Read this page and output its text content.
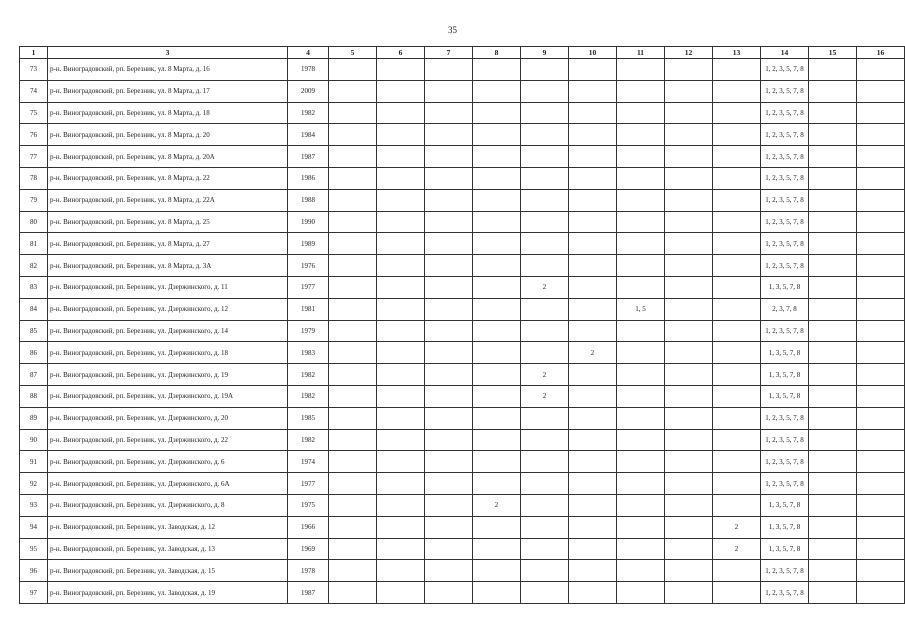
35
1	3	4	5	6	7	8	9	10	11	12	13	14	15	16
73	р-н. Виноградовский, рп. Березник, ул. 8 Марта, д. 16	1978										1, 2, 3, 5, 7, 8		
74	р-н. Виноградовский, рп. Березник, ул. 8 Марта, д. 17	2009										1, 2, 3, 5, 7, 8		
75	р-н. Виноградовский, рп. Березник, ул. 8 Марта, д. 18	1982										1, 2, 3, 5, 7, 8		
76	р-н. Виноградовский, рп. Березник, ул. 8 Марта, д. 20	1984										1, 2, 3, 5, 7, 8		
77	р-н. Виноградовский, рп. Березник, ул. 8 Марта, д. 20А	1987										1, 2, 3, 5, 7, 8		
78	р-н. Виноградовский, рп. Березник, ул. 8 Марта, д. 22	1986										1, 2, 3, 5, 7, 8		
79	р-н. Виноградовский, рп. Березник, ул. 8 Марта, д. 22А	1988										1, 2, 3, 5, 7, 8		
80	р-н. Виноградовский, рп. Березник, ул. 8 Марта, д. 25	1990										1, 2, 3, 5, 7, 8		
81	р-н. Виноградовский, рп. Березник, ул. 8 Марта, д. 27	1989										1, 2, 3, 5, 7, 8		
82	р-н. Виноградовский, рп. Березник, ул. 8 Марта, д. 3А	1976										1, 2, 3, 5, 7, 8		
83	р-н. Виноградовский, рп. Березник, ул. Дзержинского, д. 11	1977					2					1, 3, 5, 7, 8		
84	р-н. Виноградовский, рп. Березник, ул. Дзержинского, д. 12	1981							1, 5			2, 3, 7, 8		
85	р-н. Виноградовский, рп. Березник, ул. Дзержинского, д. 14	1979										1, 2, 3, 5, 7, 8		
86	р-н. Виноградовский, рп. Березник, ул. Дзержинского, д. 18	1983						2				1, 3, 5, 7, 8		
87	р-н. Виноградовский, рп. Березник, ул. Дзержинского, д. 19	1982					2					1, 3, 5, 7, 8		
88	р-н. Виноградовский, рп. Березник, ул. Дзержинского, д. 19А	1982					2					1, 3, 5, 7, 8		
89	р-н. Виноградовский, рп. Березник, ул. Дзержинского, д. 20	1985										1, 2, 3, 5, 7, 8		
90	р-н. Виноградовский, рп. Березник, ул. Дзержинского, д. 22	1982										1, 2, 3, 5, 7, 8		
91	р-н. Виноградовский, рп. Березник, ул. Дзержинского, д. 6	1974										1, 2, 3, 5, 7, 8		
92	р-н. Виноградовский, рп. Березник, ул. Дзержинского, д. 6А	1977										1, 2, 3, 5, 7, 8		
93	р-н. Виноградовский, рп. Березник, ул. Дзержинского, д. 8	1975				2						1, 3, 5, 7, 8		
94	р-н. Виноградовский, рп. Березник, ул. Заводская, д. 12	1966									2	1, 3, 5, 7, 8		
95	р-н. Виноградовский, рп. Березник, ул. Заводская, д. 13	1969									2	1, 3, 5, 7, 8		
96	р-н. Виноградовский, рп. Березник, ул. Заводская, д. 15	1978										1, 2, 3, 5, 7, 8		
97	р-н. Виноградовский, рп. Березник, ул. Заводская, д. 19	1987										1, 2, 3, 5, 7, 8		
